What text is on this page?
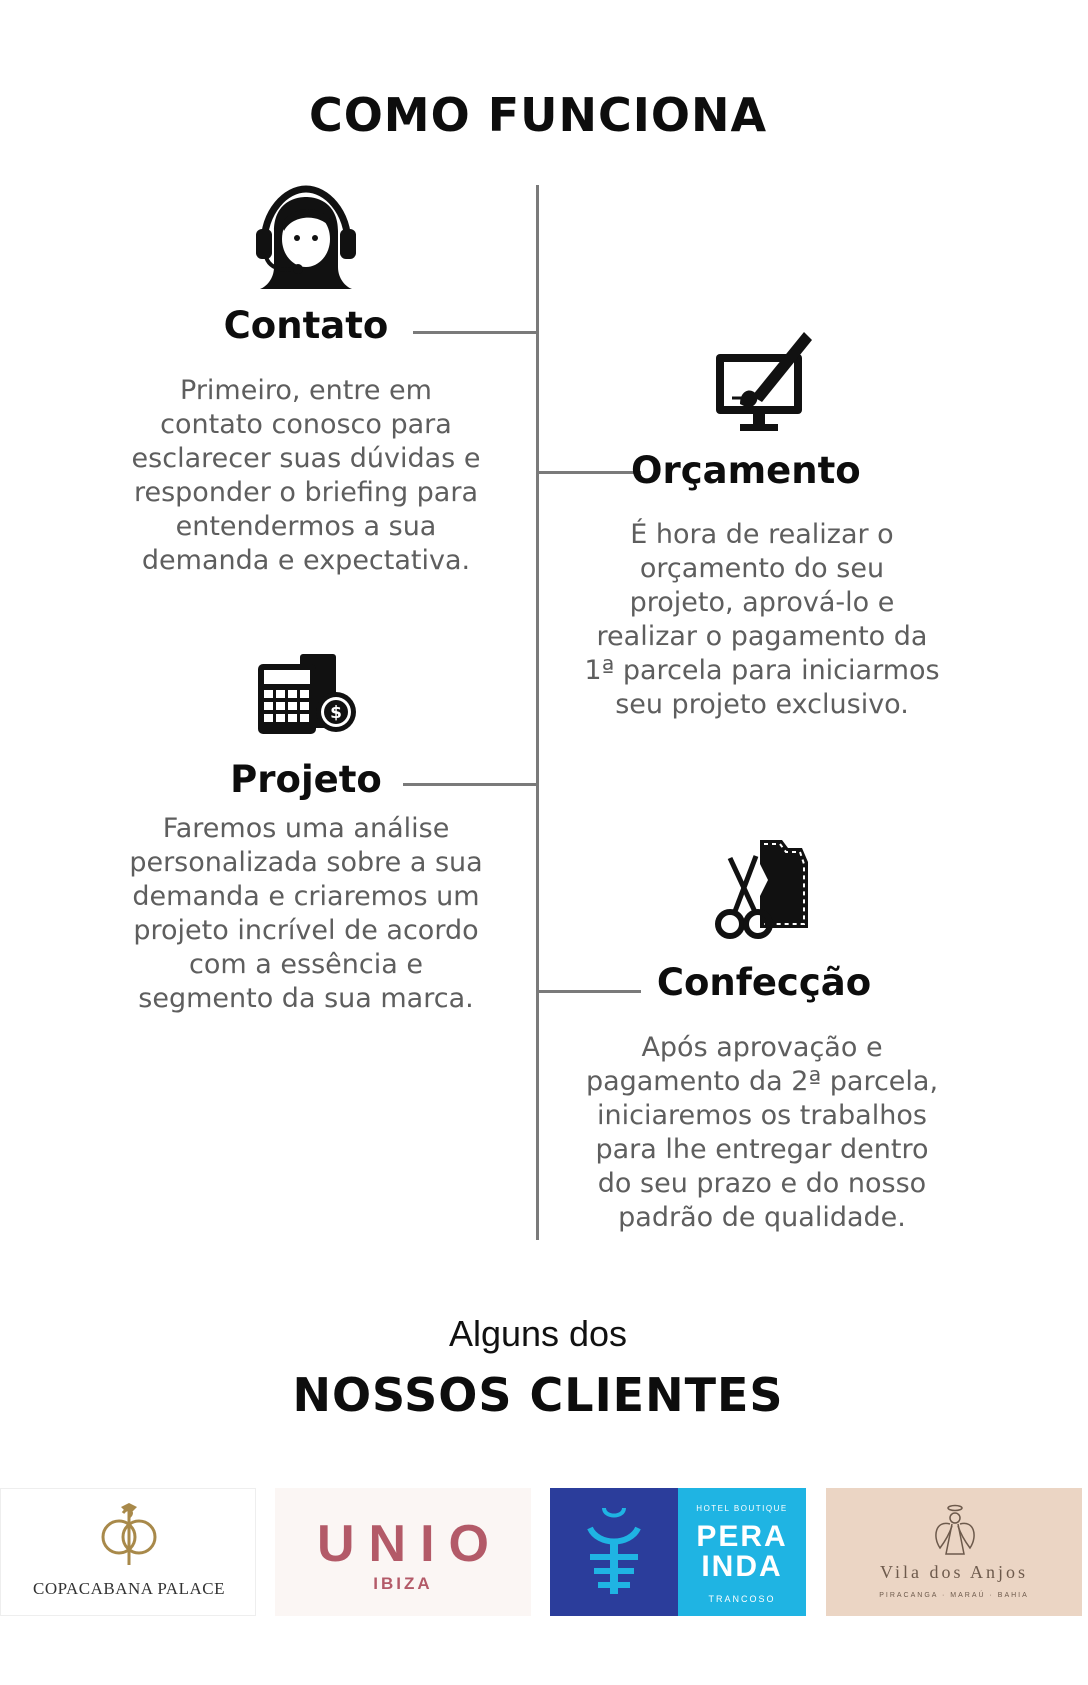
COMO FUNCIONA
Contato
Primeiro, entre em
contato conosco para
esclarecer suas dúvidas e
responder o briefing para
entendermos a sua
demanda e expectativa.
Orçamento
É hora de realizar o
orçamento do seu
projeto, aprová-lo e
realizar o pagamento da
1ª parcela para iniciarmos
seu projeto exclusivo.
$
Projeto
Faremos uma análise
personalizada sobre a sua
demanda e criaremos um
projeto incrível de acordo
com a essência e
segmento da sua marca.	Confecção
Após aprovação e
pagamento da 2ª parcela,
iniciaremos os trabalhos
para lhe entregar dentro
do seu prazo e do nosso
padrão de qualidade.
Alguns dos
NOSSOS CLIENTES
COPACABANA PALACE
UNIO
IBIZA
HOTEL BOUTIQUE
PERA
INDA
TRANCOSO
Vila dos Anjos
PIRACANGA · MARAÚ · BAHIA
